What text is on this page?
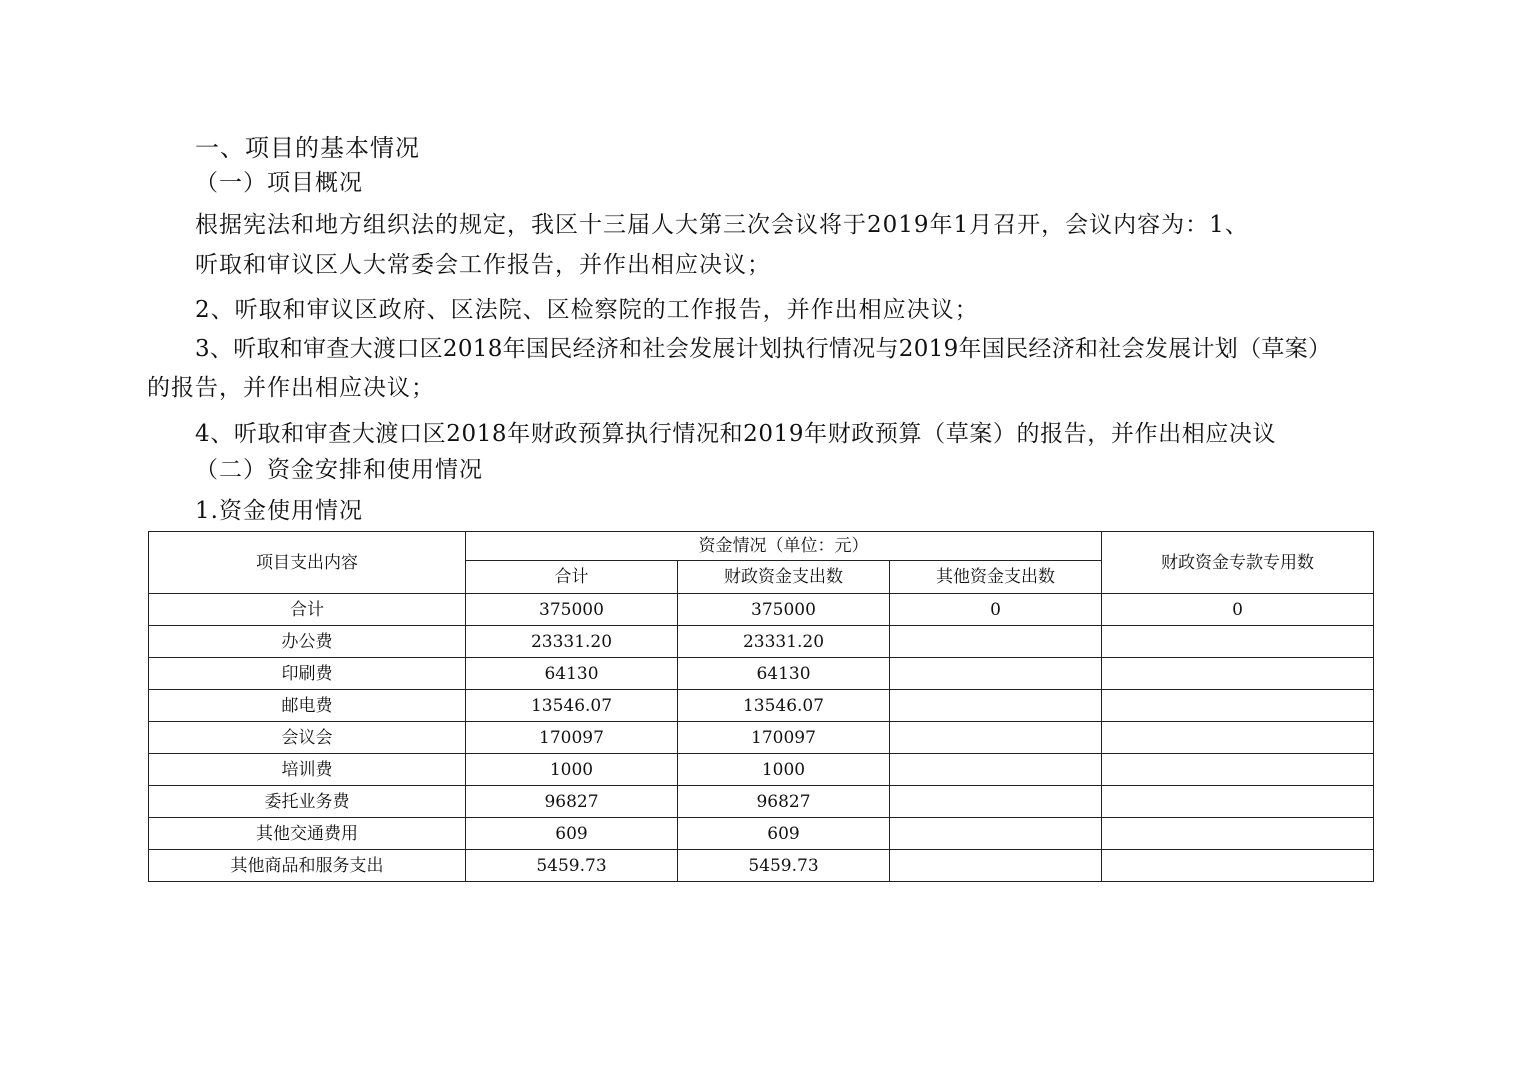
一、项目的基本情况
（一）项目概况
根据宪法和地方组织法的规定，我区十三届人大第三次会议将于2019年1月召开，会议内容为：1、
听取和审议区人大常委会工作报告，并作出相应决议；
2、听取和审议区政府、区法院、区检察院的工作报告，并作出相应决议；
3、听取和审查大渡口区2018年国民经济和社会发展计划执行情况与2019年国民经济和社会发展计划（草案）
的报告，并作出相应决议；
4、听取和审查大渡口区2018年财政预算执行情况和2019年财政预算（草案）的报告，并作出相应决议
（二）资金安排和使用情况
1.资金使用情况
项目支出内容	资金情况（单位：元）			财政资金专款专用数
	合计	财政资金支出数	其他资金支出数	
合计	375000	375000	0	0
办公费	23331.20	23331.20		
印刷费	64130	64130		
邮电费	13546.07	13546.07		
会议会	170097	170097		
培训费	1000	1000		
委托业务费	96827	96827		
其他交通费用	609	609		
其他商品和服务支出	5459.73	5459.73		
